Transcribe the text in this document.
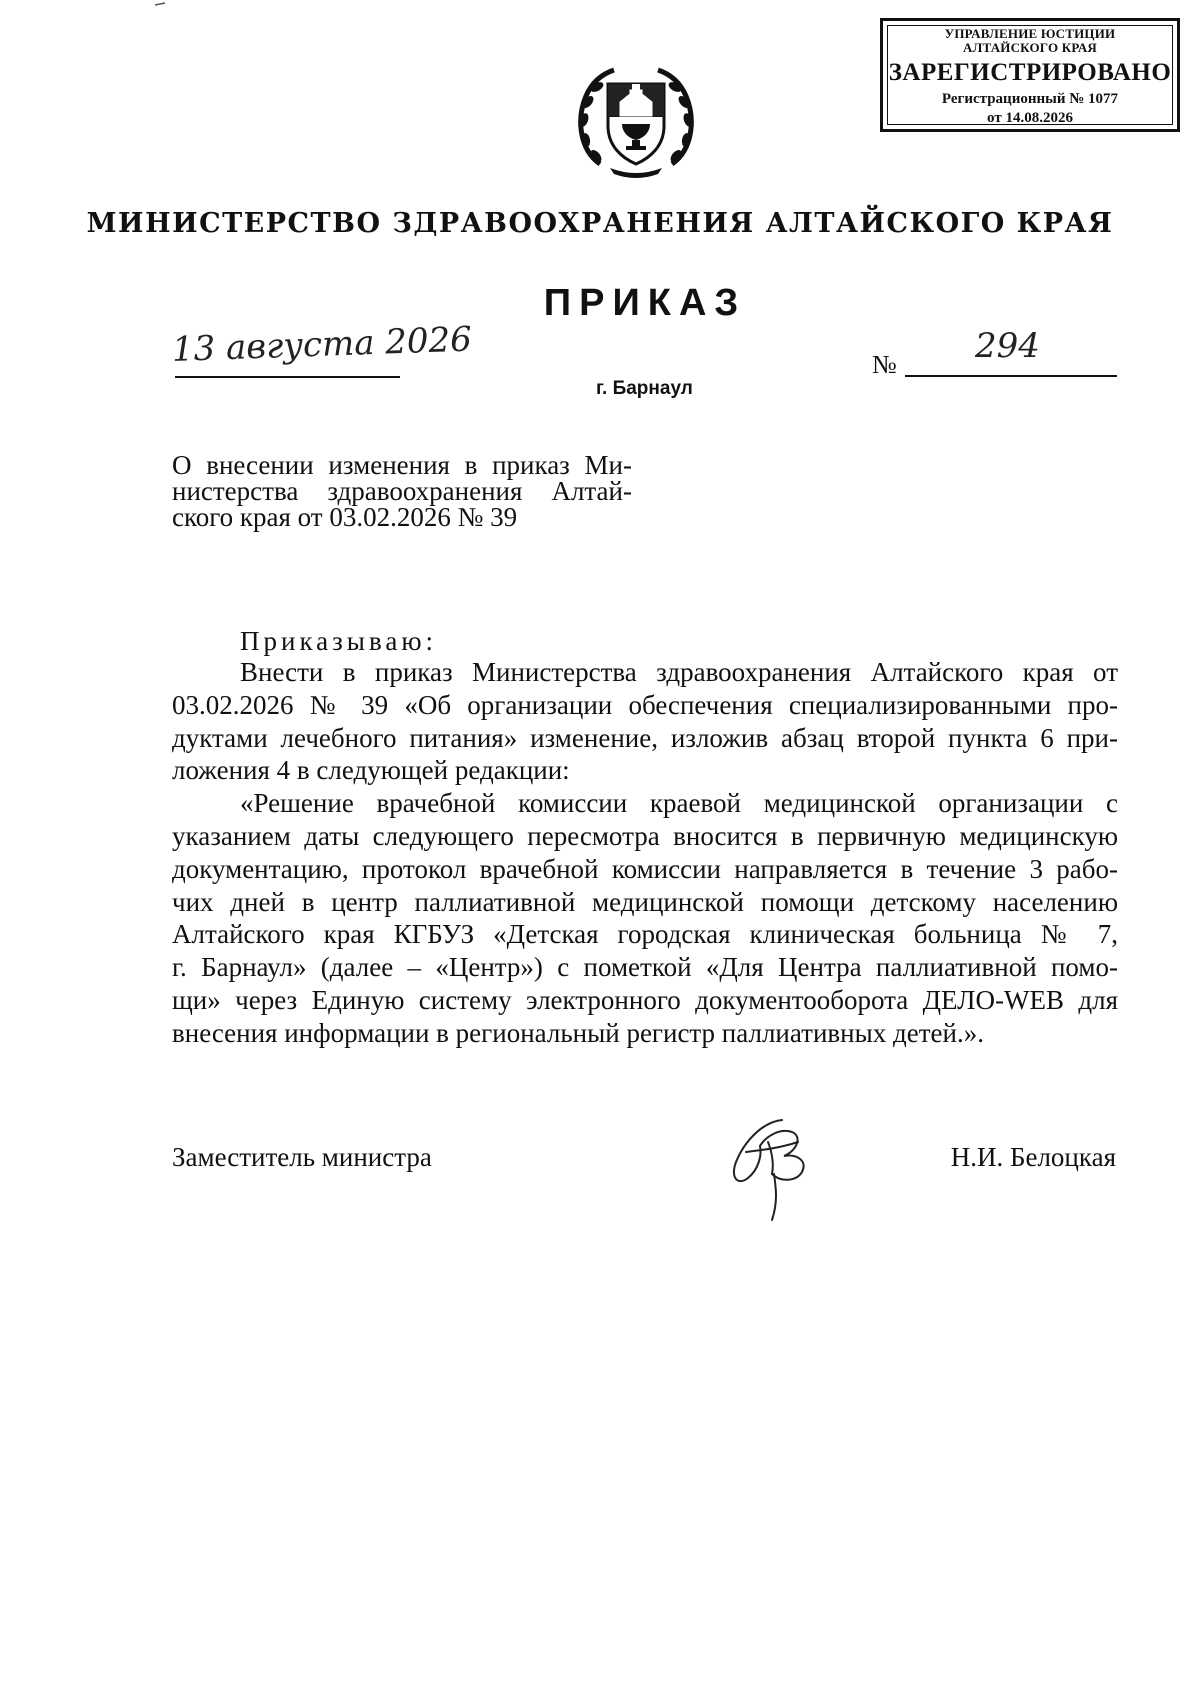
УПРАВЛЕНИЕ ЮСТИЦИИ
АЛТАЙСКОГО КРАЯ
ЗАРЕГИСТРИРОВАНО
Регистрационный № 1077
от 14.08.2026
МИНИСТЕРСТВО ЗДРАВООХРАНЕНИЯ АЛТАЙСКОГО КРАЯ
ПРИКАЗ
13 августа 2026	№ 294
г. Барнаул
О внесении изменения в приказ Ми-
нистерства здравоохранения Алтай-
ского края от 03.02.2026 № 39
Приказываю:
Внести в приказ Министерства здравоохранения Алтайского края от
03.02.2026 № 39 «Об организации обеспечения специализированными про-
дуктами лечебного питания» изменение, изложив абзац второй пункта 6 при-
ложения 4 в следующей редакции:
«Решение врачебной комиссии краевой медицинской организации с
указанием даты следующего пересмотра вносится в первичную медицинскую
документацию, протокол врачебной комиссии направляется в течение 3 рабо-
чих дней в центр паллиативной медицинской помощи детскому населению
Алтайского края КГБУЗ «Детская городская клиническая больница № 7,
г. Барнаул» (далее – «Центр») с пометкой «Для Центра паллиативной помо-
щи» через Единую систему электронного документооборота ДЕЛО-WEB для
внесения информации в региональный регистр паллиативных детей.».
Заместитель министра	Н.И. Белоцкая
